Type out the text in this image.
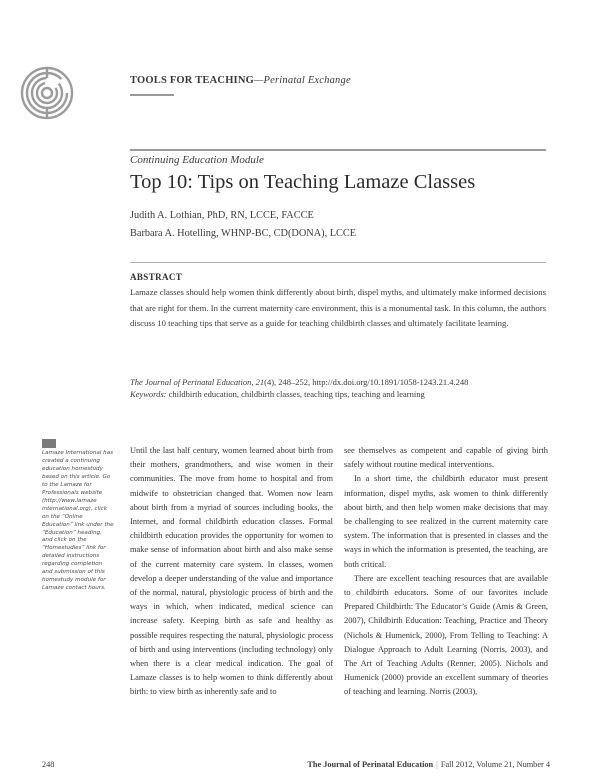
TOOLS FOR TEACHING—Perinatal Exchange
Continuing Education Module
Top 10: Tips on Teaching Lamaze Classes
Judith A. Lothian, PhD, RN, LCCE, FACCE
Barbara A. Hotelling, WHNP-BC, CD(DONA), LCCE
ABSTRACT
Lamaze classes should help women think differently about birth, dispel myths, and ultimately make informed decisions that are right for them. In the current maternity care environment, this is a monumental task. In this column, the authors discuss 10 teaching tips that serve as a guide for teaching childbirth classes and ultimately facilitate learning.
The Journal of Perinatal Education, 21(4), 248–252, http://dx.doi.org/10.1891/1058-1243.21.4.248
Keywords: childbirth education, childbirth classes, teaching tips, teaching and learning
Lamaze International has created a continuing education homestudy based on this article. Go to the Lamaze for Professionals website (http://www.lamaze international.org), click on the “Online Education” link under the “Education” heading, and click on the “Homestudies” link for detailed instructions regarding completion and submission of this homestudy module for Lamaze contact hours.

Until the last half century, women learned about birth from their mothers, grandmothers, and wise women in their communities. The move from home to hospital and from midwife to obstetrician changed that. Women now learn about birth from a myriad of sources including books, the Internet, and formal childbirth education classes. Formal childbirth education provides the opportunity for women to make sense of information about birth and also make sense of the current maternity care system. In classes, women develop a deeper understanding of the value and importance of the normal, natural, physiologic process of birth and the ways in which, when indicated, medical science can increase safety. Keeping birth as safe and healthy as possible requires respecting the natural, physiologic process of birth and using interventions (including technology) only when there is a clear medical indication. The goal of Lamaze classes is to help women to think differently about birth: to view birth as inherently safe and to

see themselves as competent and capable of giving birth safely without routine medical interventions.

In a short time, the childbirth educator must present information, dispel myths, ask women to think differently about birth, and then help women make decisions that may be challenging to see realized in the current maternity care system. The information that is presented in classes and the ways in which the information is presented, the teaching, are both critical.

There are excellent teaching resources that are available to childbirth educators. Some of our favorites include Prepared Childbirth: The Educator’s Guide (Amis & Green, 2007), Childbirth Education: Teaching, Practice and Theory (Nichols & Humenick, 2000), From Telling to Teaching: A Dialogue Approach to Adult Learning (Norris, 2003), and The Art of Teaching Adults (Renner, 2005). Nichols and Humenick (2000) provide an excellent summary of theories of teaching and learning. Norris (2003),

248	The Journal of Perinatal Education | Fall 2012, Volume 21, Number 4
